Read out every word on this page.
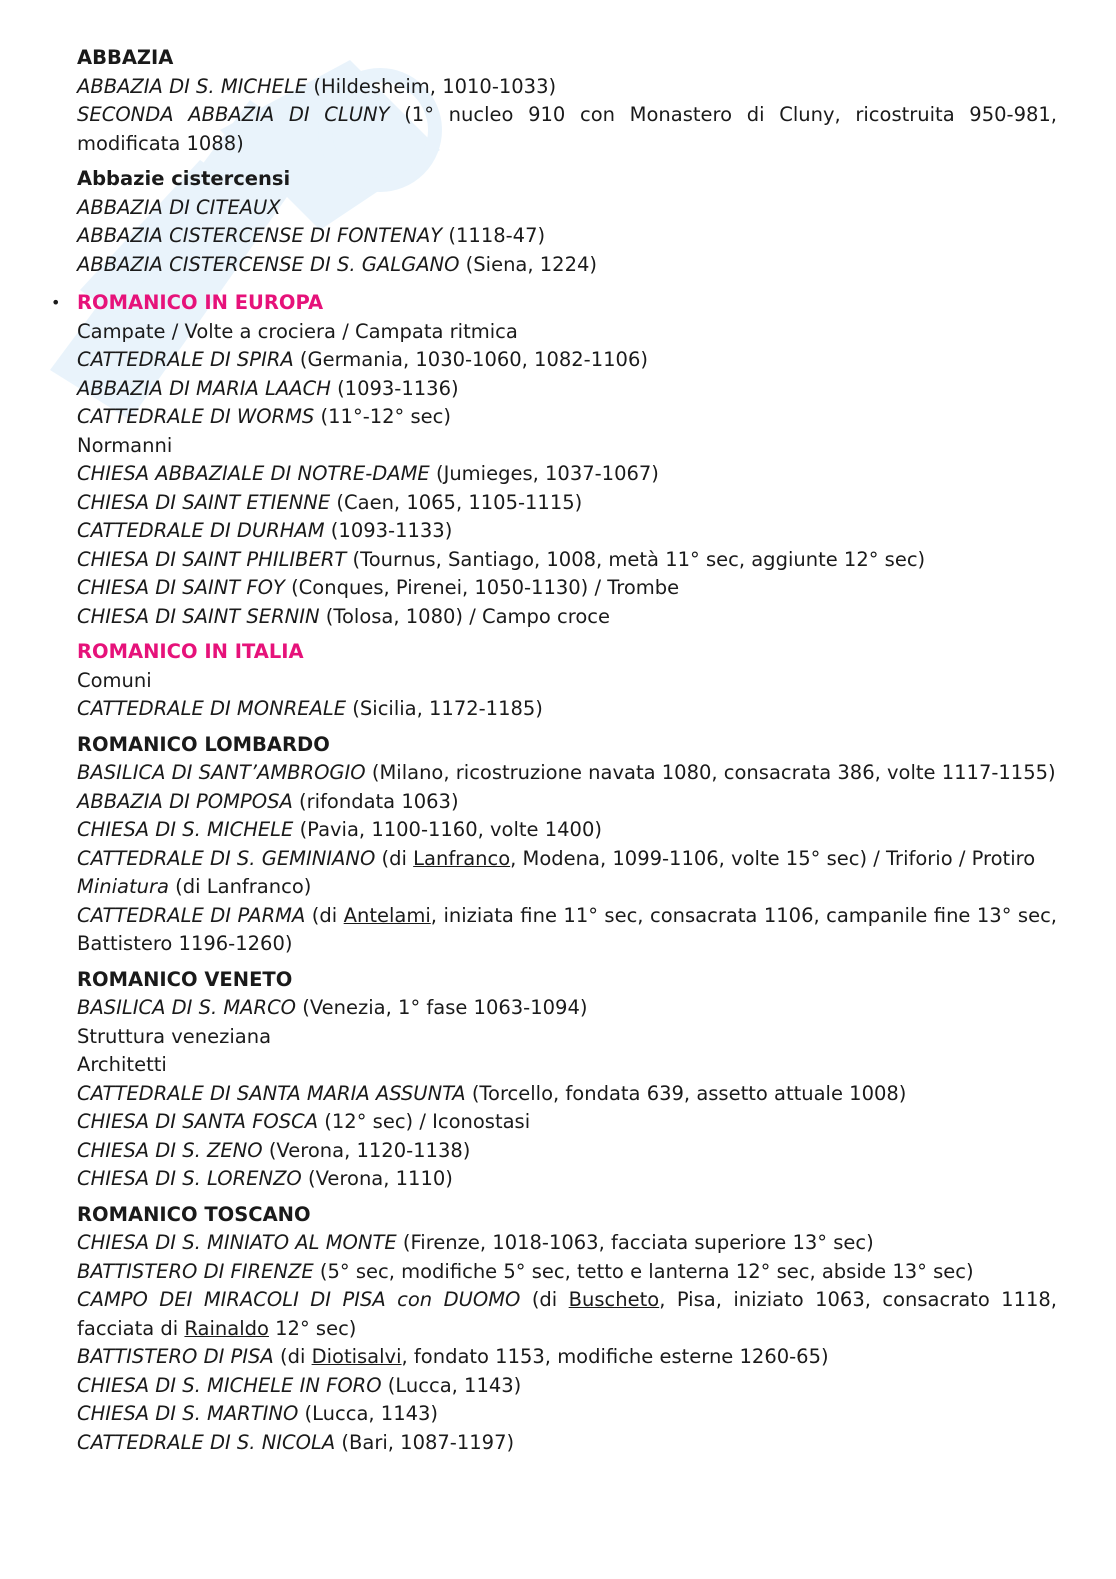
ABBAZIA
ABBAZIA DI S. MICHELE (Hildesheim, 1010-1033)
SECONDA ABBAZIA DI CLUNY (1° nucleo 910 con Monastero di Cluny, ricostruita 950-981, modificata 1088)
Abbazie cistercensi
ABBAZIA DI CITEAUX
ABBAZIA CISTERCENSE DI FONTENAY (1118-47)
ABBAZIA CISTERCENSE DI S. GALGANO (Siena, 1224)
• ROMANICO IN EUROPA
Campate / Volte a crociera / Campata ritmica
CATTEDRALE DI SPIRA (Germania, 1030-1060, 1082-1106)
ABBAZIA DI MARIA LAACH (1093-1136)
CATTEDRALE DI WORMS (11°-12° sec)
Normanni
CHIESA ABBAZIALE DI NOTRE-DAME (Jumieges, 1037-1067)
CHIESA DI SAINT ETIENNE (Caen, 1065, 1105-1115)
CATTEDRALE DI DURHAM (1093-1133)
CHIESA DI SAINT PHILIBERT (Tournus, Santiago, 1008, metà 11° sec, aggiunte 12° sec)
CHIESA DI SAINT FOY (Conques, Pirenei, 1050-1130) / Trombe
CHIESA DI SAINT SERNIN (Tolosa, 1080) / Campo croce
ROMANICO IN ITALIA
Comuni
CATTEDRALE DI MONREALE (Sicilia, 1172-1185)
ROMANICO LOMBARDO
BASILICA DI SANT’AMBROGIO (Milano, ricostruzione navata 1080, consacrata 386, volte 1117-1155)
ABBAZIA DI POMPOSA (rifondata 1063)
CHIESA DI S. MICHELE (Pavia, 1100-1160, volte 1400)
CATTEDRALE DI S. GEMINIANO (di Lanfranco, Modena, 1099-1106, volte 15° sec) / Triforio / Protiro
Miniatura (di Lanfranco)
CATTEDRALE DI PARMA (di Antelami, iniziata fine 11° sec, consacrata 1106, campanile fine 13° sec, Battistero 1196-1260)
ROMANICO VENETO
BASILICA DI S. MARCO (Venezia, 1° fase 1063-1094)
Struttura veneziana
Architetti
CATTEDRALE DI SANTA MARIA ASSUNTA (Torcello, fondata 639, assetto attuale 1008)
CHIESA DI SANTA FOSCA (12° sec) / Iconostasi
CHIESA DI S. ZENO (Verona, 1120-1138)
CHIESA DI S. LORENZO (Verona, 1110)
ROMANICO TOSCANO
CHIESA DI S. MINIATO AL MONTE (Firenze, 1018-1063, facciata superiore 13° sec)
BATTISTERO DI FIRENZE (5° sec, modifiche 5° sec, tetto e lanterna 12° sec, abside 13° sec)
CAMPO DEI MIRACOLI DI PISA con DUOMO (di Buscheto, Pisa, iniziato 1063, consacrato 1118, facciata di Rainaldo 12° sec)
BATTISTERO DI PISA (di Diotisalvi, fondato 1153, modifiche esterne 1260-65)
CHIESA DI S. MICHELE IN FORO (Lucca, 1143)
CHIESA DI S. MARTINO (Lucca, 1143)
CATTEDRALE DI S. NICOLA (Bari, 1087-1197)
